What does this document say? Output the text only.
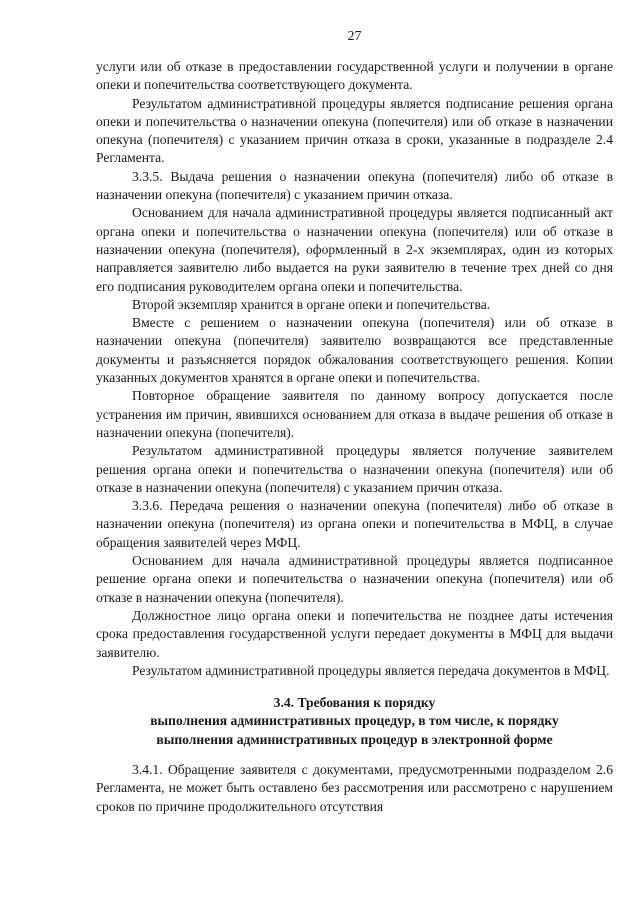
27

услуги или об отказе в предоставлении государственной услуги и получении в органе опеки и попечительства соответствующего документа.

Результатом административной процедуры является подписание решения органа опеки и попечительства о назначении опекуна (попечителя) или об отказе в назначении опекуна (попечителя) с указанием причин отказа в сроки, указанные в подразделе 2.4 Регламента.

3.3.5. Выдача решения о назначении опекуна (попечителя) либо об отказе в назначении опекуна (попечителя) с указанием причин отказа.

Основанием для начала административной процедуры является подписанный акт органа опеки и попечительства о назначении опекуна (попечителя) или об отказе в назначении опекуна (попечителя), оформленный в 2-х экземплярах, один из которых направляется заявителю либо выдается на руки заявителю в течение трех дней со дня его подписания руководителем органа опеки и попечительства.

Второй экземпляр хранится в органе опеки и попечительства.

Вместе с решением о назначении опекуна (попечителя) или об отказе в назначении опекуна (попечителя) заявителю возвращаются все представленные документы и разъясняется порядок обжалования соответствующего решения. Копии указанных документов хранятся в органе опеки и попечительства.

Повторное обращение заявителя по данному вопросу допускается после устранения им причин, явившихся основанием для отказа в выдаче решения об отказе в назначении опекуна (попечителя).

Результатом административной процедуры является получение заявителем решения органа опеки и попечительства о назначении опекуна (попечителя) или об отказе в назначении опекуна (попечителя) с указанием причин отказа.

3.3.6. Передача решения о назначении опекуна (попечителя) либо об отказе в назначении опекуна (попечителя) из органа опеки и попечительства в МФЦ, в случае обращения заявителей через МФЦ.

Основанием для начала административной процедуры является подписанное решение органа опеки и попечительства о назначении опекуна (попечителя) или об отказе в назначении опекуна (попечителя).

Должностное лицо органа опеки и попечительства не позднее даты истечения срока предоставления государственной услуги передает документы в МФЦ для выдачи заявителю.

Результатом административной процедуры является передача документов в МФЦ.

3.4. Требования к порядку
выполнения административных процедур, в том числе, к порядку
выполнения административных процедур в электронной форме

3.4.1. Обращение заявителя с документами, предусмотренными подразделом 2.6 Регламента, не может быть оставлено без рассмотрения или рассмотрено с нарушением сроков по причине продолжительного отсутствия
